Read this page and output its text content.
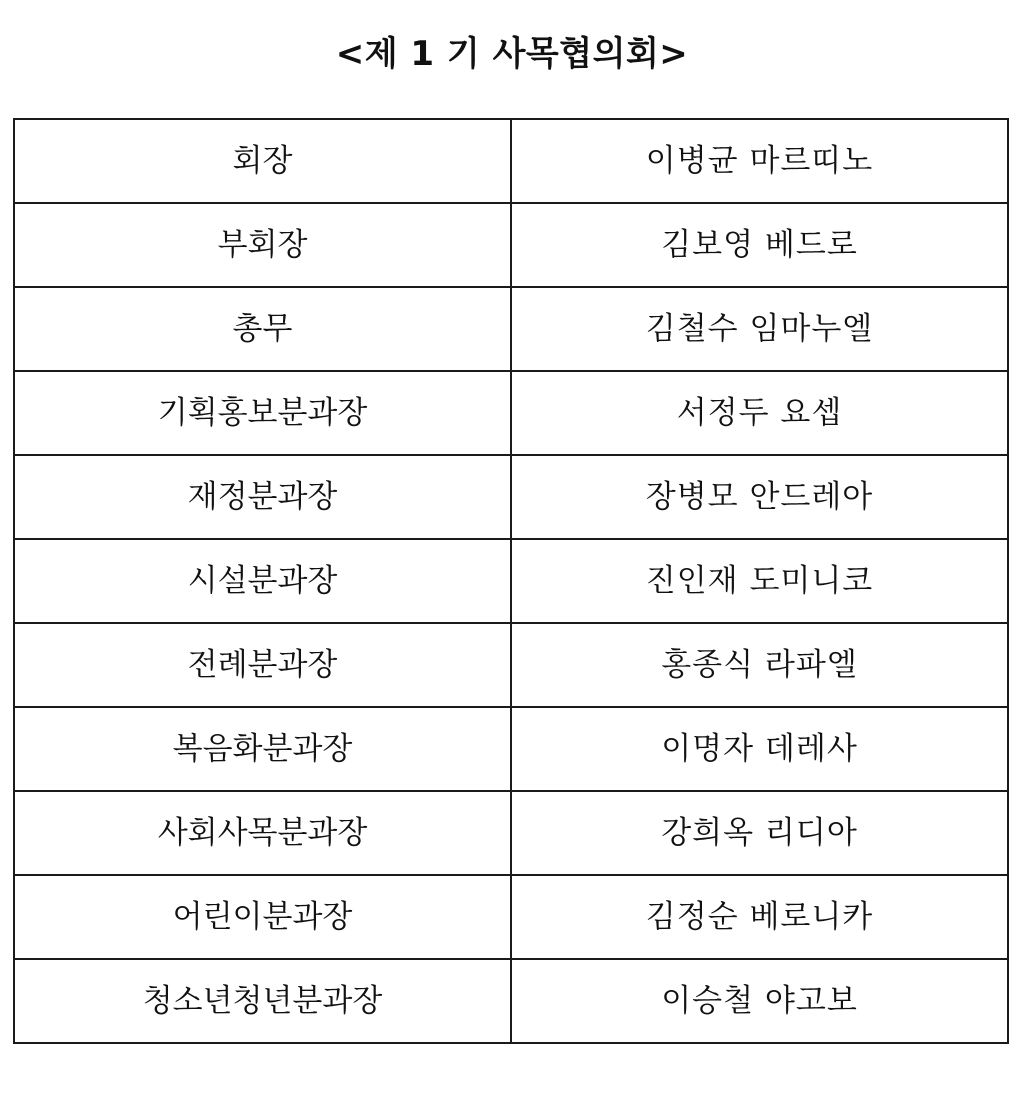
<제 1 기 사목협의회>
회장	이병균 마르띠노
부회장	김보영 베드로
총무	김철수 임마누엘
기획홍보분과장	서정두 요셉
재정분과장	장병모 안드레아
시설분과장	진인재 도미니코
전례분과장	홍종식 라파엘
복음화분과장	이명자 데레사
사회사목분과장	강희옥 리디아
어린이분과장	김정순 베로니카
청소년청년분과장	이승철 야고보
